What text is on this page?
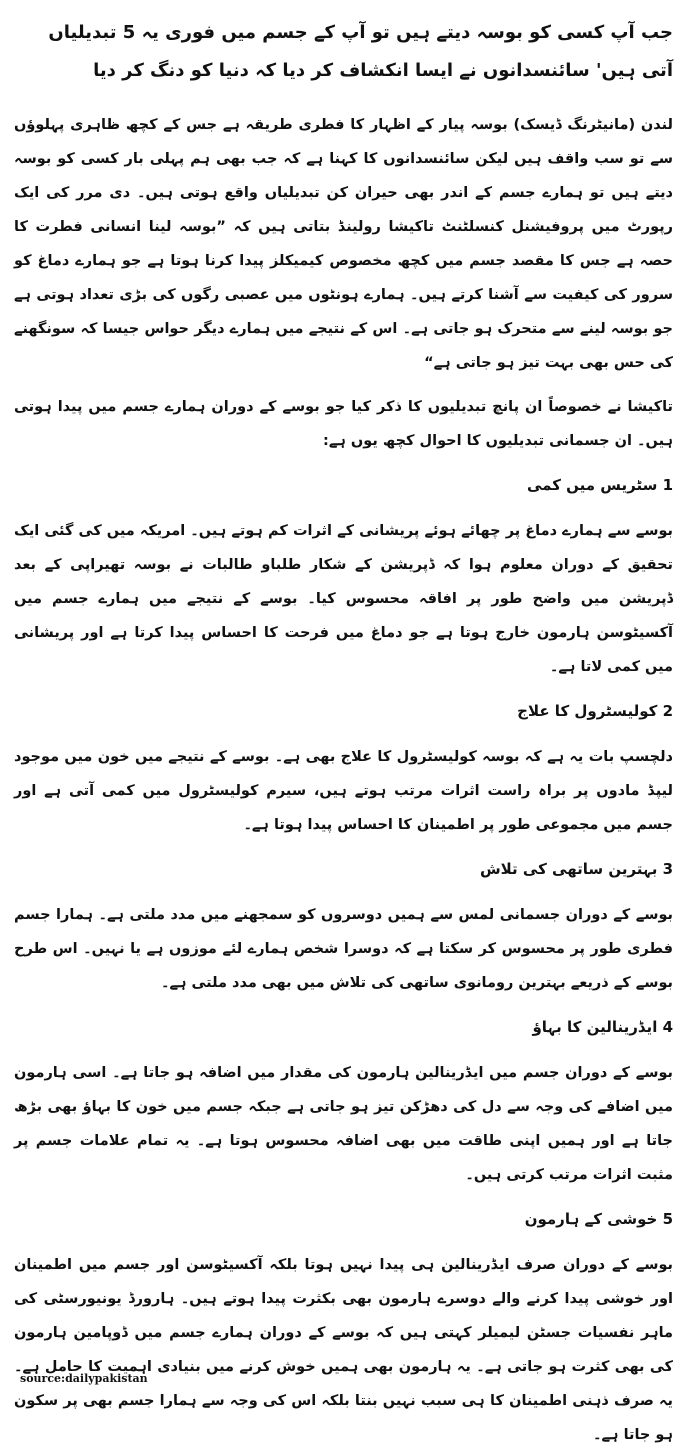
جب آپ کسی کو بوسہ دیتے ہیں تو آپ کے جسم میں فوری یہ 5 تبدیلیاں آتی ہیں' سائنسدانوں نے ایسا انکشاف کر دیا کہ دنیا کو دنگ کر دیا

لندن (مانیٹرنگ ڈیسک) بوسہ پیار کے اظہار کا فطری طریقہ ہے جس کے کچھ ظاہری پہلوؤں سے تو سب واقف ہیں لیکن سائنسدانوں کا کہنا ہے کہ جب بھی ہم پہلی بار کسی کو بوسہ دیتے ہیں تو ہمارے جسم کے اندر بھی حیران کن تبدیلیاں واقع ہوتی ہیں۔ دی مرر کی ایک رپورٹ میں پروفیشنل کنسلٹنٹ تاکیشا رولینڈ بتاتی ہیں کہ ”بوسہ لینا انسانی فطرت کا حصہ ہے جس کا مقصد جسم میں کچھ مخصوص کیمیکلز پیدا کرنا ہوتا ہے جو ہمارے دماغ کو سرور کی کیفیت سے آشنا کرتے ہیں۔ ہمارے ہونٹوں میں عصبی رگوں کی بڑی تعداد ہوتی ہے جو بوسہ لینے سے متحرک ہو جاتی ہے۔ اس کے نتیجے میں ہمارے دیگر حواس جیسا کہ سونگھنے کی حس بھی بہت تیز ہو جاتی ہے“

تاکیشا نے خصوصاً ان پانچ تبدیلیوں کا ذکر کیا جو بوسے کے دوران ہمارے جسم میں پیدا ہوتی ہیں۔ ان جسمانی تبدیلیوں کا احوال کچھ یوں ہے:

1 سٹریس میں کمی

بوسے سے ہمارے دماغ پر چھائے ہوئے پریشانی کے اثرات کم ہوتے ہیں۔ امریکہ میں کی گئی ایک تحقیق کے دوران معلوم ہوا کہ ڈپریشن کے شکار طلباو طالبات نے بوسہ تھیراپی کے بعد ڈپریشن میں واضح طور پر افاقہ محسوس کیا۔ بوسے کے نتیجے میں ہمارے جسم میں آکسیٹوسن ہارمون خارج ہوتا ہے جو دماغ میں فرحت کا احساس پیدا کرتا ہے اور پریشانی میں کمی لاتا ہے۔

2 کولیسٹرول کا علاج

دلچسپ بات یہ ہے کہ بوسہ کولیسٹرول کا علاج بھی ہے۔ بوسے کے نتیجے میں خون میں موجود لیپڈ مادوں پر براہ راست اثرات مرتب ہوتے ہیں، سیرم کولیسٹرول میں کمی آتی ہے اور جسم میں مجموعی طور پر اطمینان کا احساس پیدا ہوتا ہے۔

3 بہترین ساتھی کی تلاش

بوسے کے دوران جسمانی لمس سے ہمیں دوسروں کو سمجھنے میں مدد ملتی ہے۔ ہمارا جسم فطری طور پر محسوس کر سکتا ہے کہ دوسرا شخص ہمارے لئے موزوں ہے یا نہیں۔ اس طرح بوسے کے ذریعے بہترین رومانوی ساتھی کی تلاش میں بھی مدد ملتی ہے۔

4 ایڈرینالین کا بہاؤ

بوسے کے دوران جسم میں ایڈرینالین ہارمون کی مقدار میں اضافہ ہو جاتا ہے۔ اسی ہارمون میں اضافے کی وجہ سے دل کی دھڑکن تیز ہو جاتی ہے جبکہ جسم میں خون کا بہاؤ بھی بڑھ جاتا ہے اور ہمیں اپنی طاقت میں بھی اضافہ محسوس ہوتا ہے۔ یہ تمام علامات جسم پر مثبت اثرات مرتب کرتی ہیں۔

5 خوشی کے ہارمون

بوسے کے دوران صرف ایڈرینالین ہی پیدا نہیں ہوتا بلکہ آکسیٹوسن اور جسم میں اطمینان اور خوشی پیدا کرنے والے دوسرے ہارمون بھی بکثرت پیدا ہوتے ہیں۔ ہارورڈ یونیورسٹی کی ماہر نفسیات جسٹن لیمیلر کہتی ہیں کہ بوسے کے دوران ہمارے جسم میں ڈوپامین ہارمون کی بھی کثرت ہو جاتی ہے۔ یہ ہارمون بھی ہمیں خوش کرنے میں بنیادی اہمیت کا حامل ہے۔ یہ صرف ذہنی اطمینان کا ہی سبب نہیں بنتا بلکہ اس کی وجہ سے ہمارا جسم بھی پر سکون ہو جاتا ہے۔

source:dailypakistan
